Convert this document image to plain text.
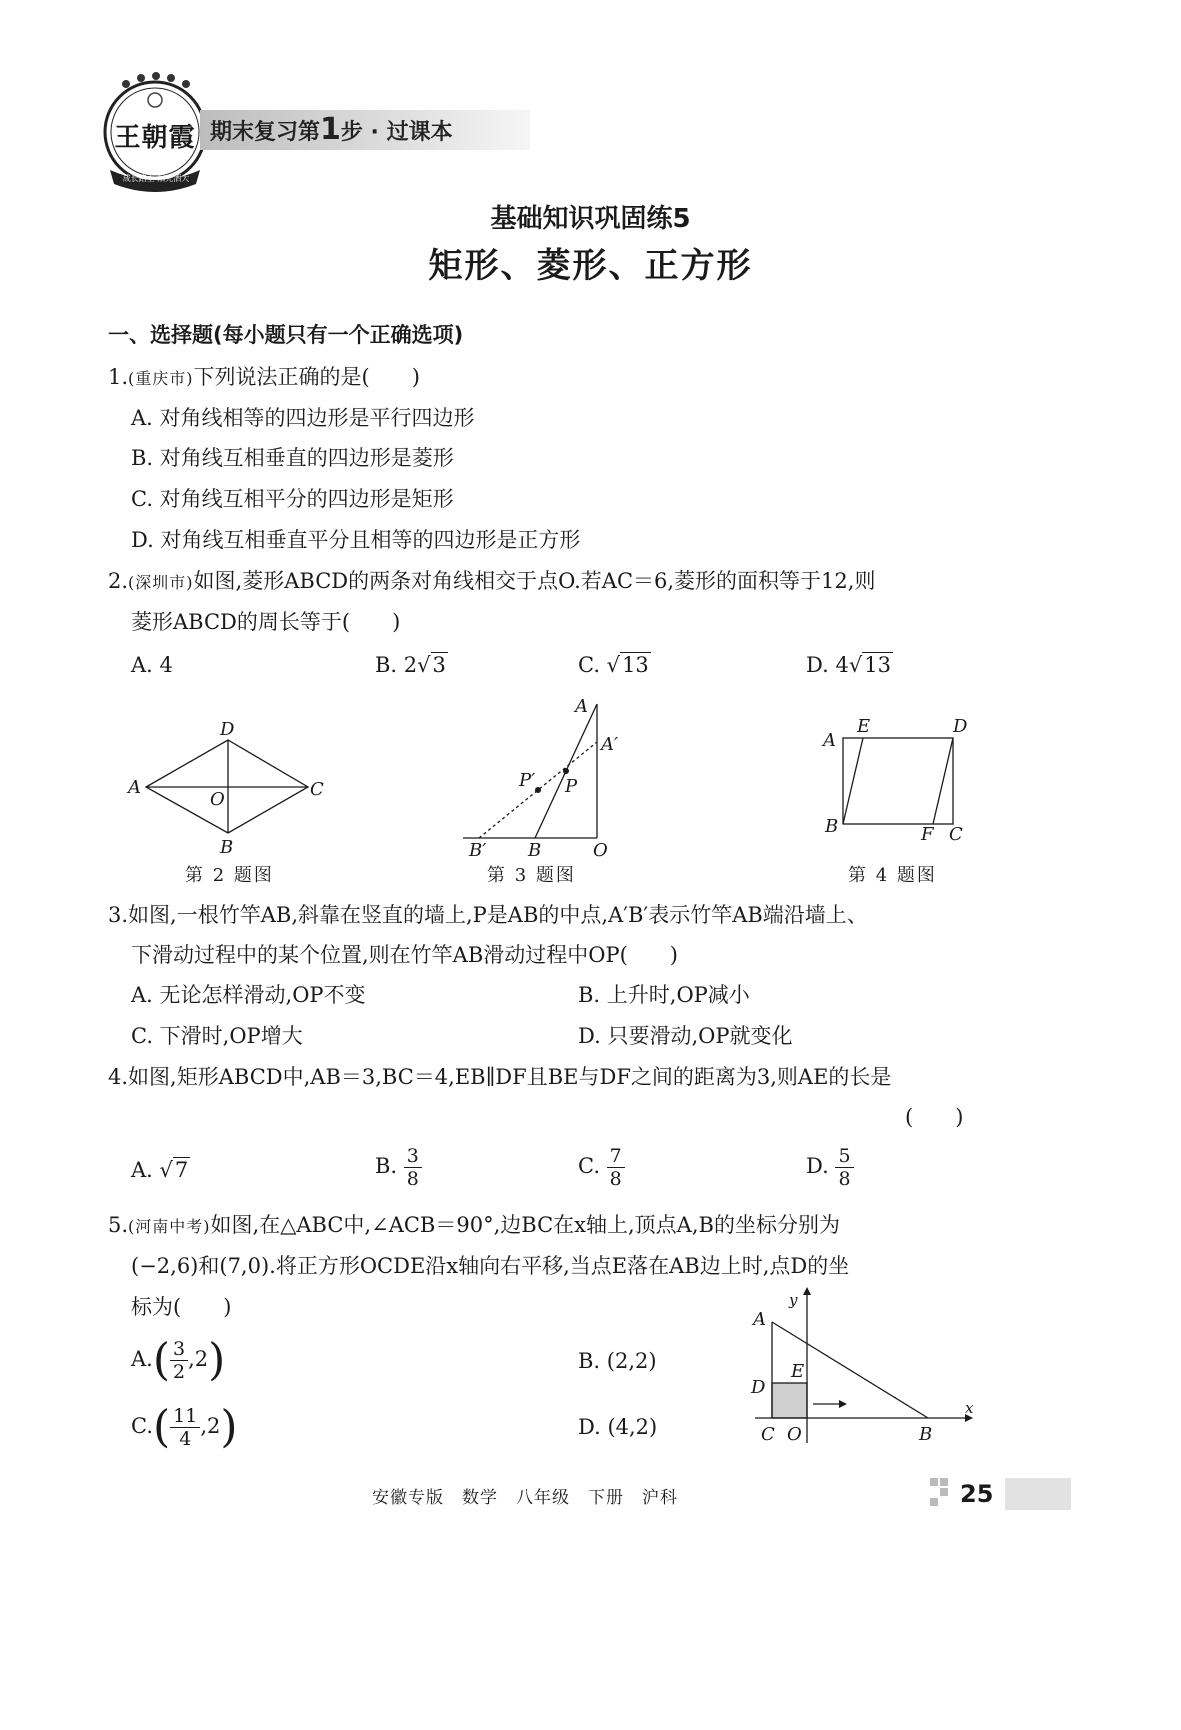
王朝霞
成长路上 阳光洒大
期末复习第1步 · 过课本
基础知识巩固练5
矩形、菱形、正方形
一、选择题(每小题只有一个正确选项)
1.(重庆市)下列说法正确的是(　　)
A. 对角线相等的四边形是平行四边形
B. 对角线互相垂直的四边形是菱形
C. 对角线互相平分的四边形是矩形
D. 对角线互相垂直平分且相等的四边形是正方形
2.(深圳市)如图,菱形ABCD的两条对角线相交于点O.若AC＝6,菱形的面积等于12,则
菱形ABCD的周长等于(　　)
A. 4	B. 2√3	C. √13	D. 4√13
D
A
O	C
B
第 2 题图
A
A′
P′ P
B′ B	O
第 3 题图
A
E	D
B	F C
第 4 题图
3.如图,一根竹竿AB,斜靠在竖直的墙上,P是AB的中点,A′B′表示竹竿AB端沿墙上、
下滑动过程中的某个位置,则在竹竿AB滑动过程中OP(　　)
A. 无论怎样滑动,OP不变	B. 上升时,OP减小
C. 下滑时,OP增大	D. 只要滑动,OP就变化
4.如图,矩形ABCD中,AB＝3,BC＝4,EB∥DF且BE与DF之间的距离为3,则AE的长是
(　　)
A. √7	B. $\frac{3}{8}$	C. $\frac{7}{8}$	D. $\frac{5}{8}$
5.(河南中考)如图,在△ABC中,∠ACB＝90°,边BC在x轴上,顶点A,B的坐标分别为
(−2,6)和(7,0).将正方形OCDE沿x轴向右平移,当点E落在AB边上时,点D的坐
标为(　　)
$A.( \frac{3}{2} ,2)$	B. (2,2)
$C.( \frac{11}{4} ,2)$	D. (4,2)
y
A
E
D
x
C O	B
安徽专版　数学　八年级　下册　沪科	25
